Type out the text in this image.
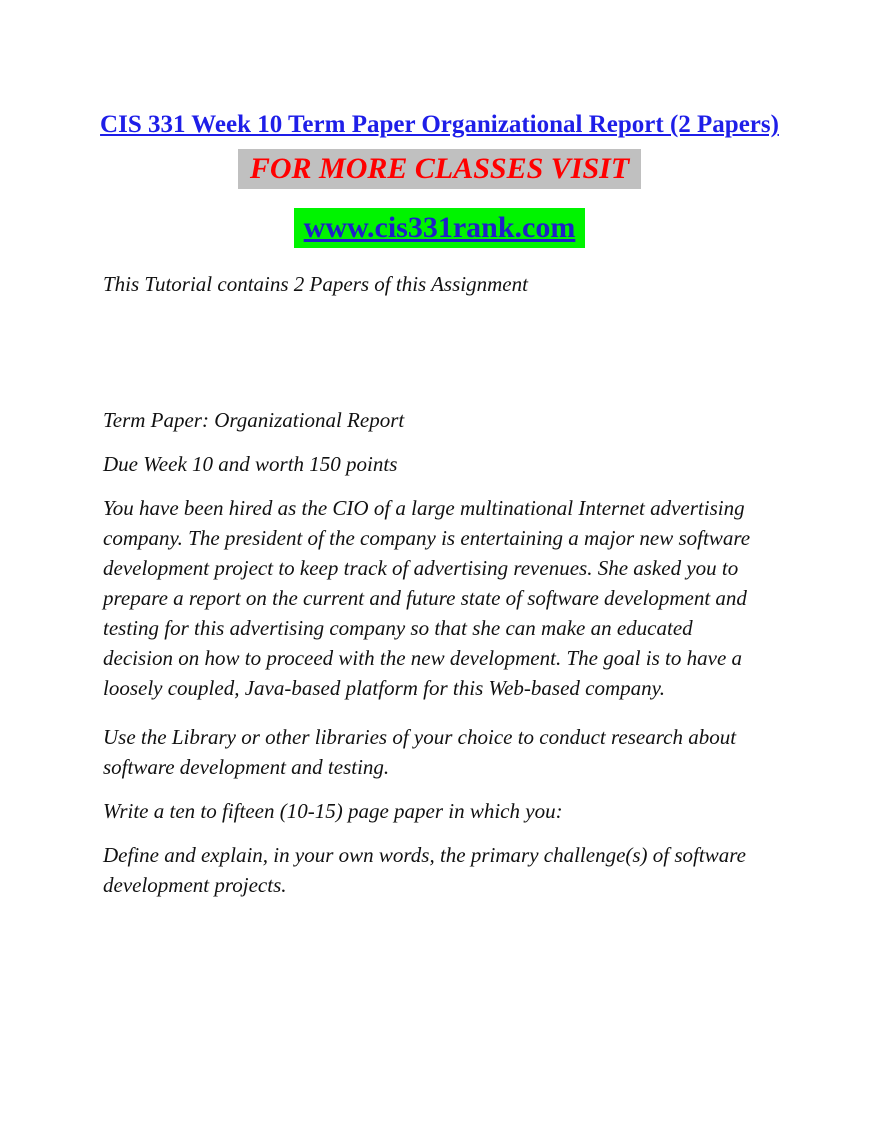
CIS 331 Week 10 Term Paper Organizational Report (2 Papers)
FOR MORE CLASSES VISIT
www.cis331rank.com

This Tutorial contains 2 Papers of this Assignment

Term Paper: Organizational Report

Due Week 10 and worth 150 points

You have been hired as the CIO of a large multinational Internet advertising company. The president of the company is entertaining a major new software development project to keep track of advertising revenues. She asked you to prepare a report on the current and future state of software development and testing for this advertising company so that she can make an educated decision on how to proceed with the new development. The goal is to have a loosely coupled, Java-based platform for this Web-based company.

Use the Library or other libraries of your choice to conduct research about software development and testing.

Write a ten to fifteen (10-15) page paper in which you:

Define and explain, in your own words, the primary challenge(s) of software development projects.
